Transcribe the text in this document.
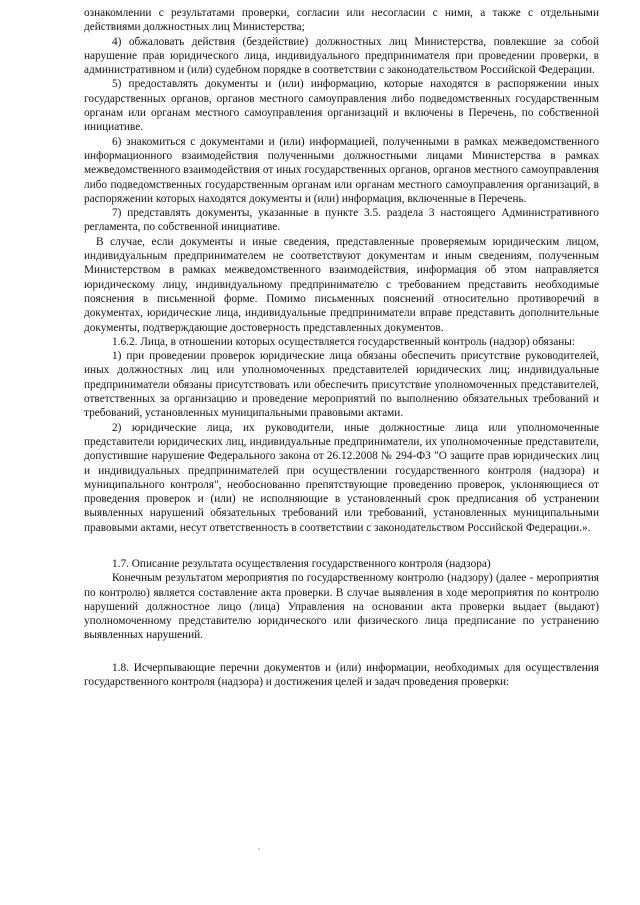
ознакомлении с результатами проверки, согласии или несогласии с ними, а также с отдельными действиями должностных лиц Министерства;

4) обжаловать действия (бездействие) должностных лиц Министерства, повлекшие за собой нарушение прав юридического лица, индивидуального предпринимателя при проведении проверки, в административном и (или) судебном порядке в соответствии с законодательством Российской Федерации.

5) предоставлять документы и (или) информацию, которые находятся в распоряжении иных государственных органов, органов местного самоуправления либо подведомственных государственным органам или органам местного самоуправления организаций и включены в Перечень, по собственной инициативе.

6) знакомиться с документами и (или) информацией, полученными в рамках межведомственного информационного взаимодействия полученными должностными лицами Министерства в рамках межведомственного взаимодействия от иных государственных органов, органов местного самоуправления либо подведомственных государственным органам или органам местного самоуправления организаций, в распоряжении которых находятся документы и (или) информация, включенные в Перечень.

7) представлять документы, указанные в пункте 3.5. раздела 3 настоящего Административного регламента, по собственной инициативе.

В случае, если документы и иные сведения, представленные проверяемым юридическим лицом, индивидуальным предпринимателем не соответствуют документам и иным сведениям, полученным Министерством в рамках межведомственного взаимодействия, информация об этом направляется юридическому лицу, индивидуальному предпринимателю с требованием представить необходимые пояснения в письменной форме. Помимо письменных пояснений относительно противоречий в документах, юридические лица, индивидуальные предприниматели вправе представить дополнительные документы, подтверждающие достоверность представленных документов.

1.6.2. Лица, в отношении которых осуществляется государственный контроль (надзор) обязаны:

1) при проведении проверок юридические лица обязаны обеспечить присутствие руководителей, иных должностных лиц или уполномоченных представителей юридических лиц; индивидуальные предприниматели обязаны присутствовать или обеспечить присутствие уполномоченных представителей, ответственных за организацию и проведение мероприятий по выполнению обязательных требований и требований, установленных муниципальными правовыми актами.

2) юридические лица, их руководители, иные должностные лица или уполномоченные представители юридических лиц, индивидуальные предприниматели, их уполномоченные представители, допустившие нарушение Федерального закона от 26.12.2008 № 294-ФЗ "О защите прав юридических лиц и индивидуальных предпринимателей при осуществлении государственного контроля (надзора) и муниципального контроля", необоснованно препятствующие проведению проверок, уклоняющиеся от проведения проверок и (или) не исполняющие в установленный срок предписания об устранении выявленных нарушений обязательных требований или требований, установленных муниципальными правовыми актами, несут ответственность в соответствии с законодательством Российской Федерации.».

1.7. Описание результата осуществления государственного контроля (надзора)

Конечным результатом мероприятия по государственному контролю (надзору) (далее - мероприятия по контролю) является составление акта проверки. В случае выявления в ходе мероприятия по контролю нарушений должностное лицо (лица) Управления на основании акта проверки выдает (выдают) уполномоченному представителю юридического или физического лица предписание по устранению выявленных нарушений.

1.8. Исчерпывающие перечни документов и (или) информации, необходимых для осуществления государственного контроля (надзора) и достижения целей и задач проведения проверки:
